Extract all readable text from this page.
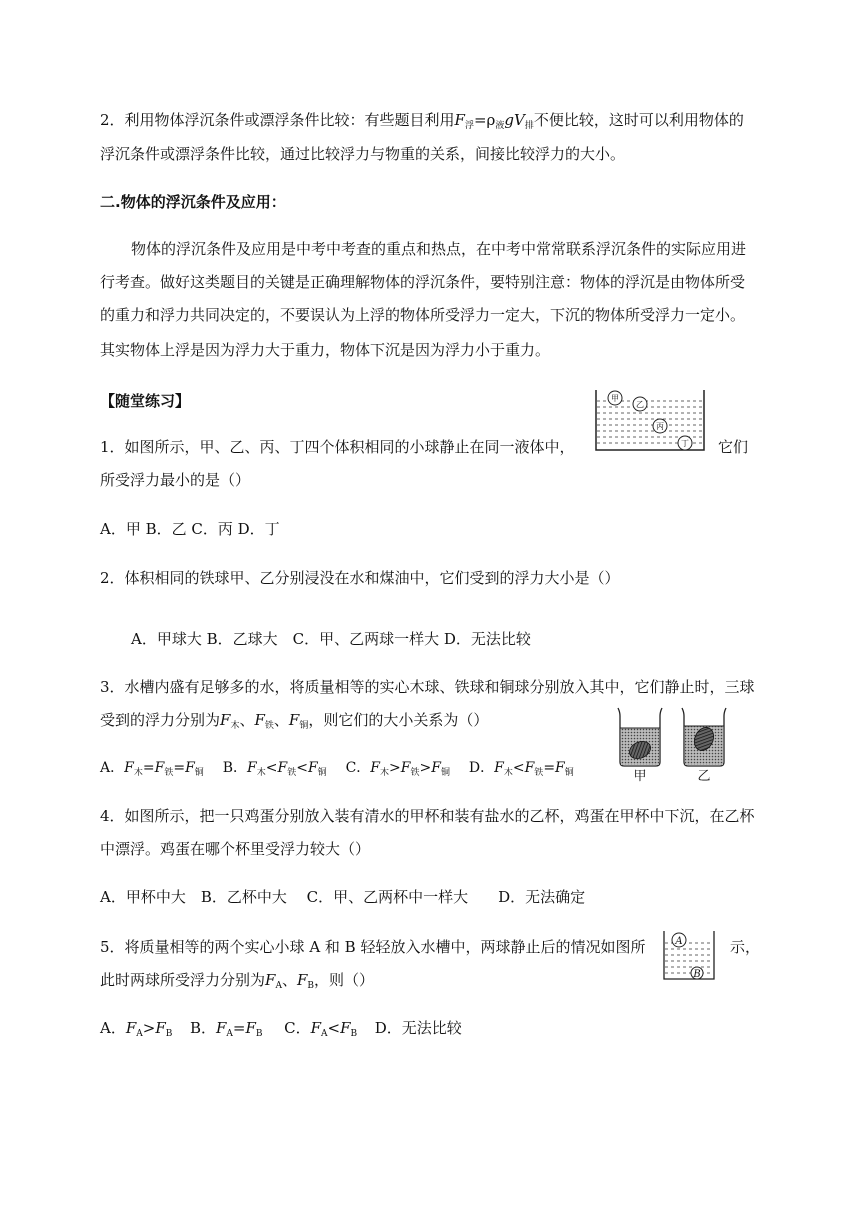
2．利用物体浮沉条件或漂浮条件比较：有些题目利用$F_浮=\rho_液gV_排$不便比较，这时可以利用物体的
浮沉条件或漂浮条件比较，通过比较浮力与物重的关系，间接比较浮力的大小。
二.物体的浮沉条件及应用：
物体的浮沉条件及应用是中考中考查的重点和热点，在中考中常常联系浮沉条件的实际应用进
行考查。做好这类题目的关键是正确理解物体的浮沉条件，要特别注意：物体的浮沉是由物体所受
的重力和浮力共同决定的，不要误认为上浮的物体所受浮力一定大，下沉的物体所受浮力一定小。
其实物体上浮是因为浮力大于重力，物体下沉是因为浮力小于重力。
【随堂练习】
1．如图所示，甲、乙、丙、丁四个体积相同的小球静止在同一液体中，	它们
所受浮力最小的是（）
A．甲 B．乙 C．丙 D．丁
甲
乙
丙
丁
2．体积相同的铁球甲、乙分别浸没在水和煤油中，它们受到的浮力大小是（）
A．甲球大 B．乙球大　C．甲、乙两球一样大 D．无法比较
3．水槽内盛有足够多的水，将质量相等的实心木球、铁球和铜球分别放入其中，它们静止时，三球
受到的浮力分别为$F_木$、$F_铁$、$F_铜$，则它们的大小关系为（）
A．$F_木=F_铁=F_铜$ B．$F_木<F_铁<F_铜$ C．$F_木>F_铁>F_铜$ D．$F_木<F_铁=F_铜$	甲	乙
4．如图所示，把一只鸡蛋分别放入装有清水的甲杯和装有盐水的乙杯，鸡蛋在甲杯中下沉，在乙杯
中漂浮。鸡蛋在哪个杯里受浮力较大（）
A．甲杯中大　B．乙杯中大　 C．甲、乙两杯中一样大　　D．无法确定
5．将质量相等的两个实心小球 A 和 B 轻轻放入水槽中，两球静止后的情况如图所	示，
此时两球所受浮力分别为$F_A$、$F_B$，则（）
A．$F_A>F_B$ B．$F_A=F_B$ C．$F_A<F_B$ D．无法比较
A
B
